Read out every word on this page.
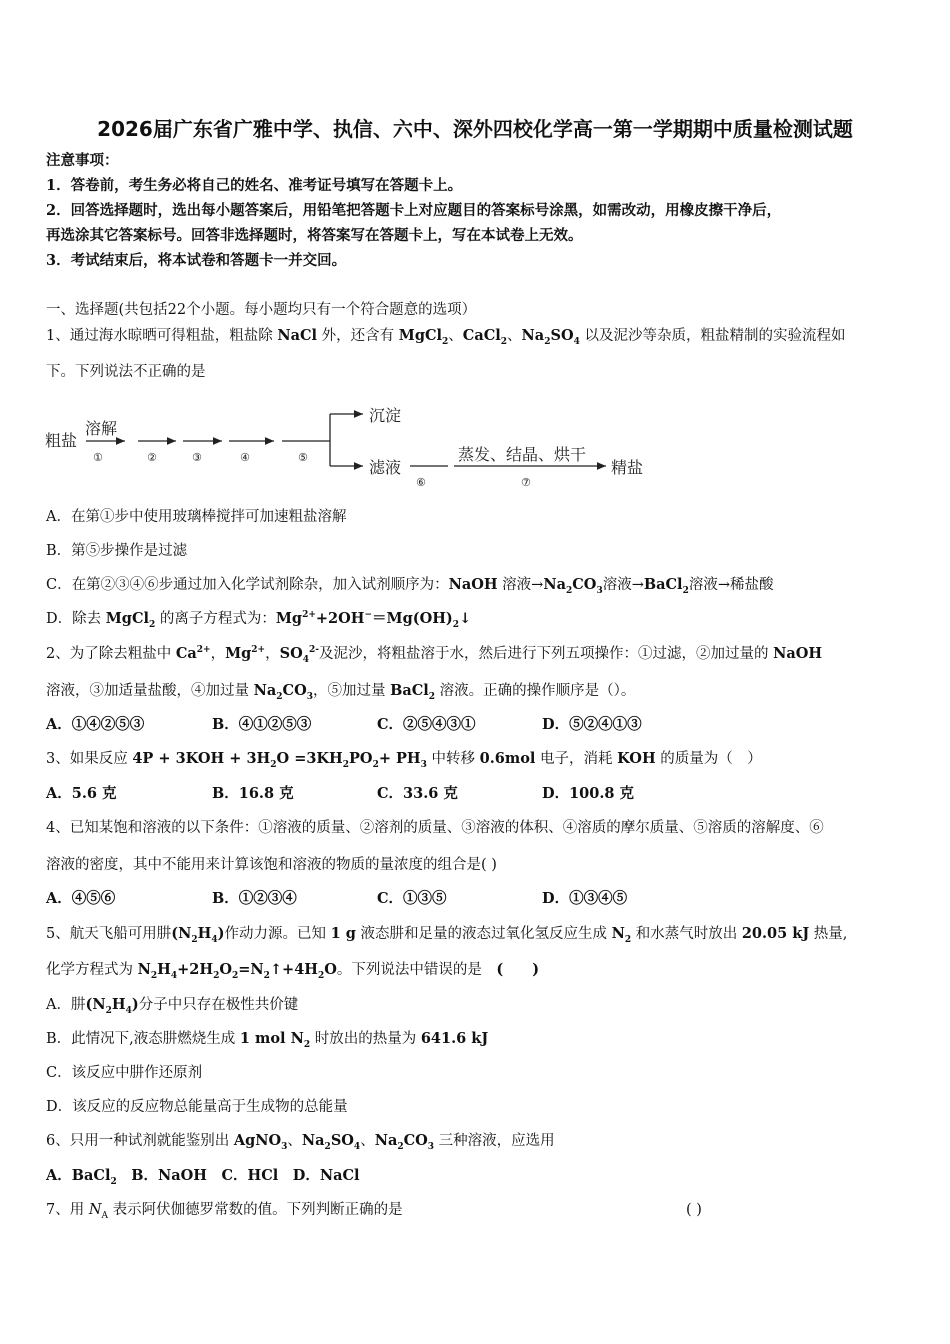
2026届广东省广雅中学、执信、六中、深外四校化学高一第一学期期中质量检测试题
注意事项：
1．答卷前，考生务必将自己的姓名、准考证号填写在答题卡上。
2．回答选择题时，选出每小题答案后，用铅笔把答题卡上对应题目的答案标号涂黑，如需改动，用橡皮擦干净后，
再选涂其它答案标号。回答非选择题时，将答案写在答题卡上，写在本试卷上无效。
3．考试结束后，将本试卷和答题卡一并交回。
一、选择题(共包括22个小题。每小题均只有一个符合题意的选项）
1、通过海水晾晒可得粗盐，粗盐除 NaCl 外，还含有 MgCl$_2$、CaCl$_2$、$Na_2SO_4$ 以及泥沙等杂质，粗盐精制的实验流程如
下。下列说法不正确的是
粗盐
溶解
①	②	③	④	⑤
沉淀
滤液
⑥
蒸发、结晶、烘干
⑦
精盐
A．在第①步中使用玻璃棒搅拌可加速粗盐溶解
B．第⑤步操作是过滤
C．在第②③④⑥步通过加入化学试剂除杂，加入试剂顺序为：NaOH 溶液$\to Na_2CO_3$溶液→BaCl$_2$溶液→稀盐酸
D．除去 MgCl$_2$ 的离子方程式为：$Mg^{2+}+2OH^-=Mg(OH)_2↓$
2、为了除去粗盐中 $Ca^{2+}$，$Mg^{2+}$，$SO_4^{2-}$及泥沙，将粗盐溶于水，然后进行下列五项操作：①过滤，②加过量的 NaOH
溶液，③加适量盐酸，④加过量 $Na_2CO_3$，⑤加过量 BaCl$_2$ 溶液。正确的操作顺序是（）。
A．①④②⑤③	B．④①②⑤③	C．②⑤④③①	D．⑤②④①③
3、如果反应 $4P + 3KOH + 3H_2O =3KH_2PO_2+ PH_3$ 中转移 0.6mol 电子，消耗 KOH 的质量为（　）
A．5.6 克	B．16.8 克	C．33.6 克	D．100.8 克
4、已知某饱和溶液的以下条件：①溶液的质量、②溶剂的质量、③溶液的体积、④溶质的摩尔质量、⑤溶质的溶解度、⑥
溶液的密度，其中不能用来计算该饱和溶液的物质的量浓度的组合是( )
A．④⑤⑥	B．①②③④	C．①③⑤	D．①③④⑤
5、航天飞船可用肼$(N_2H_4)$作动力源。已知 1 g 液态肼和足量的液态过氧化氢反应生成 $N_2$ 和水蒸气时放出 20.05 kJ 热量,
化学方程式为 $N_2H_4+2H_2O_2=N_2↑+4H_2O$。下列说法中错误的是　(　　)
A．肼$(N_2H_4)$分子中只存在极性共价键
B．此情况下,液态肼燃烧生成 1 mol $N_2$ 时放出的热量为 641.6 kJ
C．该反应中肼作还原剂
D．该反应的反应物总能量高于生成物的总能量
6、只用一种试剂就能鉴别出 AgNO$_3$、$Na_2SO_4$、$Na_2CO_3$ 三种溶液，应选用
A．BaCl$_2$　B．NaOH　C．HCl　D．NaCl
7、用 $N_A$ 表示阿伏伽德罗常数的值。下列判断正确的是	( )
